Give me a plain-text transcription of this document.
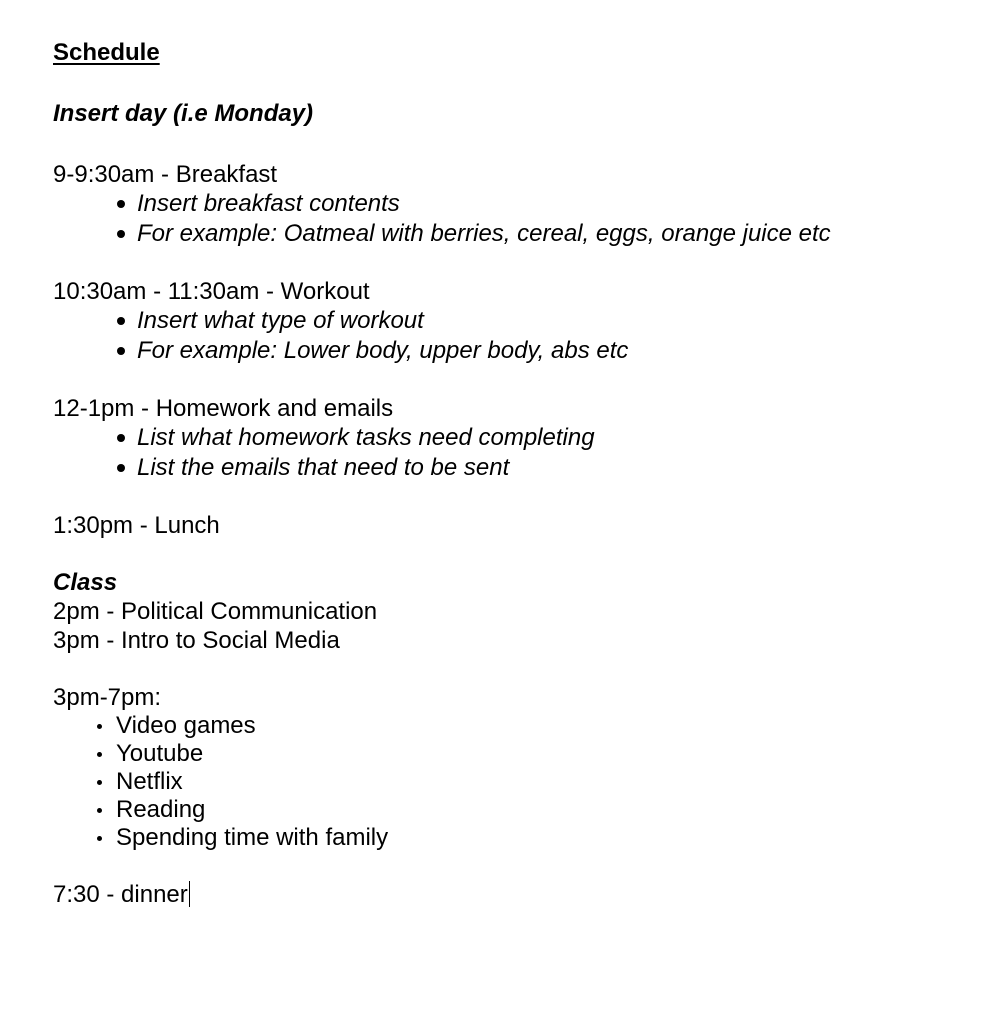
Schedule
Insert day (i.e Monday)
9-9:30am - Breakfast
Insert breakfast contents
For example: Oatmeal with berries, cereal, eggs, orange juice etc
10:30am - 11:30am - Workout
Insert what type of workout
For example: Lower body, upper body, abs etc
12-1pm - Homework and emails
List what homework tasks need completing
List the emails that need to be sent
1:30pm - Lunch
Class
2pm - Political Communication
3pm - Intro to Social Media
3pm-7pm:
Video games
Youtube
Netflix
Reading
Spending time with family
7:30 - dinner
